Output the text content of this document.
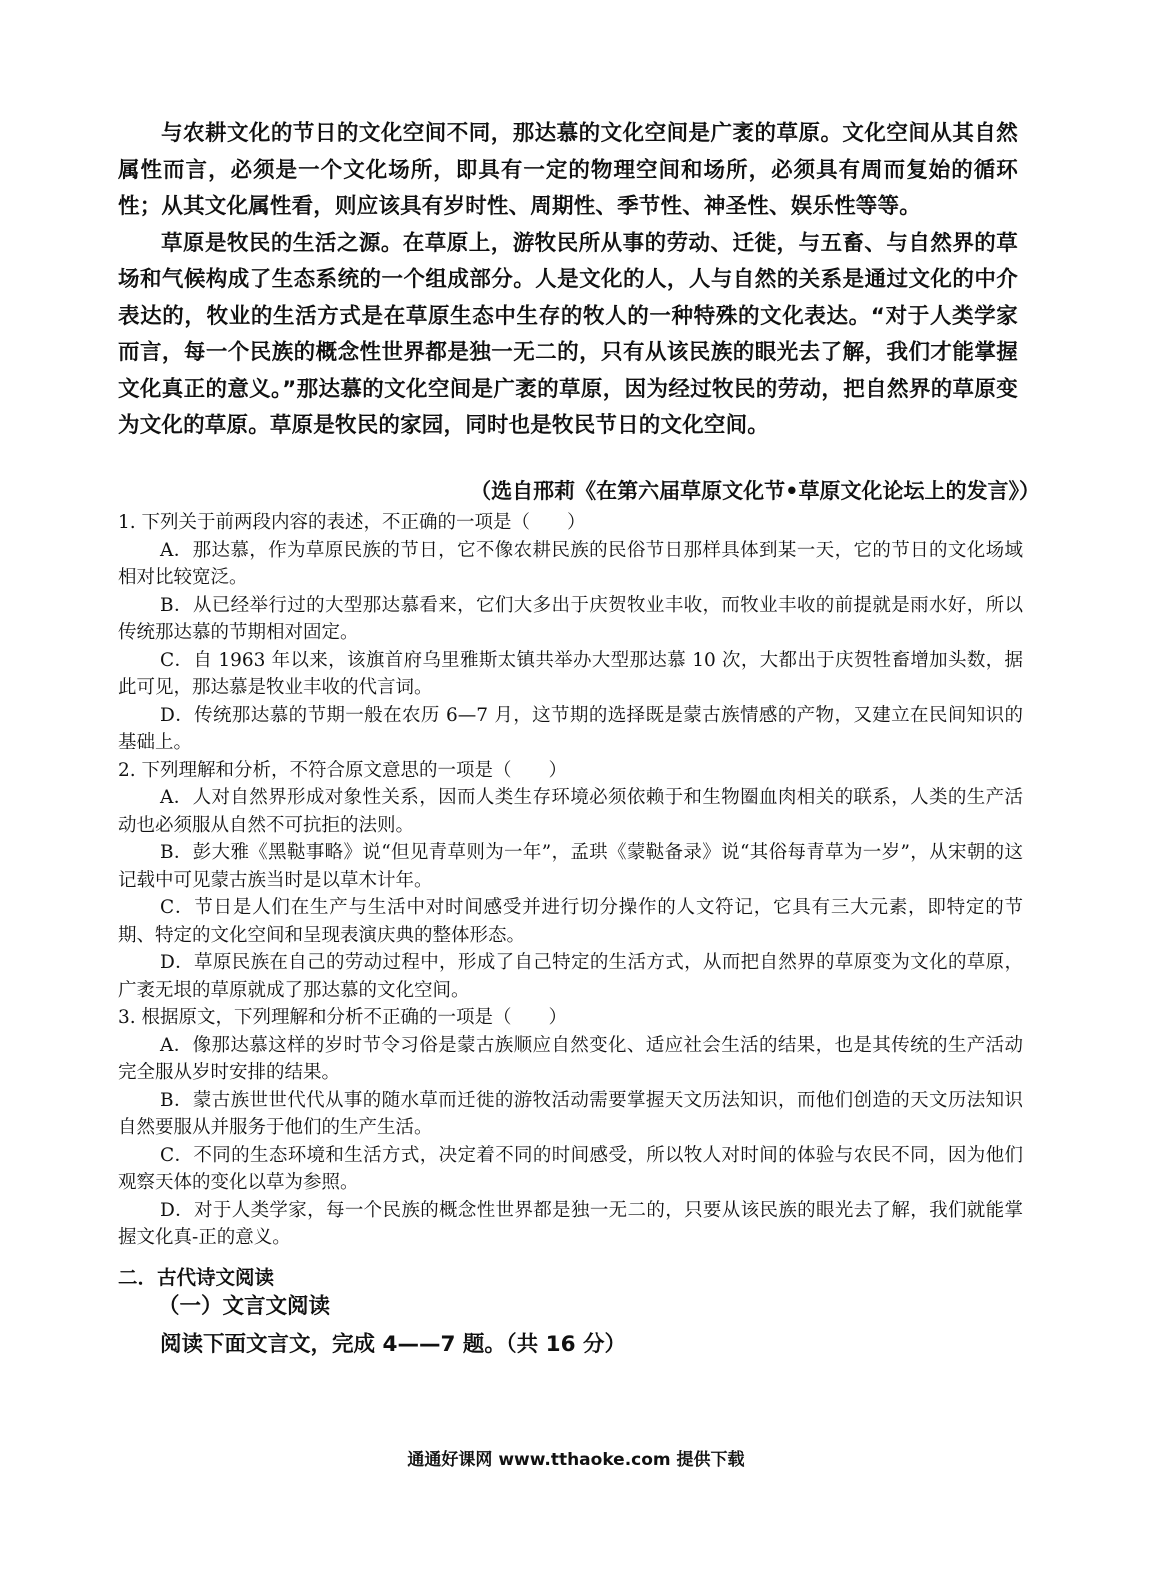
与农耕文化的节日的文化空间不同，那达慕的文化空间是广袤的草原。文化空间从其自然属性而言，必须是一个文化场所，即具有一定的物理空间和场所，必须具有周而复始的循环性；从其文化属性看，则应该具有岁时性、周期性、季节性、神圣性、娱乐性等等。

草原是牧民的生活之源。在草原上，游牧民所从事的劳动、迁徙，与五畜、与自然界的草场和气候构成了生态系统的一个组成部分。人是文化的人，人与自然的关系是通过文化的中介表达的，牧业的生活方式是在草原生态中生存的牧人的一种特殊的文化表达。“对于人类学家而言，每一个民族的概念性世界都是独一无二的，只有从该民族的眼光去了解，我们才能掌握文化真正的意义。”那达慕的文化空间是广袤的草原，因为经过牧民的劳动，把自然界的草原变为文化的草原。草原是牧民的家园，同时也是牧民节日的文化空间。

（选自邢莉《在第六届草原文化节•草原文化论坛上的发言》）

1. 下列关于前两段内容的表述，不正确的一项是（　　）

A．那达慕，作为草原民族的节日，它不像农耕民族的民俗节日那样具体到某一天，它的节日的文化场域相对比较宽泛。

B．从已经举行过的大型那达慕看来，它们大多出于庆贺牧业丰收，而牧业丰收的前提就是雨水好，所以传统那达慕的节期相对固定。

C．自 1963 年以来，该旗首府乌里雅斯太镇共举办大型那达慕 10 次，大都出于庆贺牲畜增加头数，据此可见，那达慕是牧业丰收的代言词。

D．传统那达慕的节期一般在农历 6—7 月，这节期的选择既是蒙古族情感的产物，又建立在民间知识的基础上。

2. 下列理解和分析，不符合原文意思的一项是（　　）

A．人对自然界形成对象性关系，因而人类生存环境必须依赖于和生物圈血肉相关的联系，人类的生产活动也必须服从自然不可抗拒的法则。

B．彭大雅《黑鞑事略》说“但见青草则为一年”，孟珙《蒙鞑备录》说“其俗每青草为一岁”，从宋朝的这记载中可见蒙古族当时是以草木计年。

C．节日是人们在生产与生活中对时间感受并进行切分操作的人文符记，它具有三大元素，即特定的节期、特定的文化空间和呈现表演庆典的整体形态。

D．草原民族在自己的劳动过程中，形成了自己特定的生活方式，从而把自然界的草原变为文化的草原，广袤无垠的草原就成了那达慕的文化空间。

3. 根据原文，下列理解和分析不正确的一项是（　　）

A．像那达慕这样的岁时节令习俗是蒙古族顺应自然变化、适应社会生活的结果，也是其传统的生产活动完全服从岁时安排的结果。

B．蒙古族世世代代从事的随水草而迁徙的游牧活动需要掌握天文历法知识，而他们创造的天文历法知识自然要服从并服务于他们的生产生活。

C．不同的生态环境和生活方式，决定着不同的时间感受，所以牧人对时间的体验与农民不同，因为他们观察天体的变化以草为参照。

D．对于人类学家，每一个民族的概念性世界都是独一无二的，只要从该民族的眼光去了解，我们就能掌握文化真-正的意义。

二．古代诗文阅读
（一）文言文阅读
阅读下面文言文，完成 4——7 题。（共 16 分）
通通好课网 www.tthaoke.com 提供下载
